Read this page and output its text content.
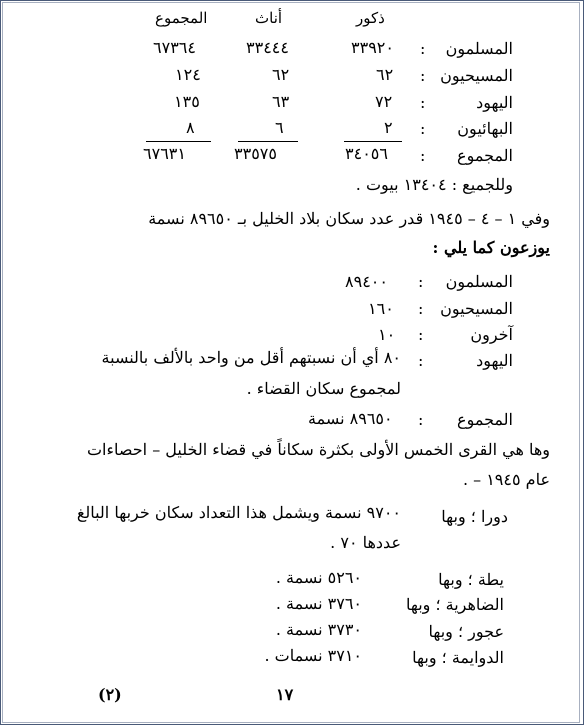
ذكور
أناث
المجموع
المسلمون
:
٣٣٩٢٠
٣٣٤٤٤
٦٧٣٦٤
المسيحيون
:
٦٢
٦٢
١٢٤
اليهود
:
٧٢
٦٣
١٣٥
البهائيون
:
٢
٦
٨
المجموع
:
٣٤٠٥٦
٣٣٥٧٥
٦٧٦٣١
وللجميع : ١٣٤٠٤ بيوت .
وفي ١ – ٤ – ١٩٤٥ قدر عدد سكان بلاد الخليل بـ ٨٩٦٥٠ نسمة
يوزعون كما يلي :
المسلمون
:
٨٩٤٠٠
المسيحيون
:
١٦٠
آخرون
:
١٠
اليهود
:
٨٠ أي أن نسبتهم أقل من واحد بالألف بالنسبة
لمجموع سكان القضاء .
المجموع
:
٨٩٦٥٠ نسمة
وها هي القرى الخمس الأولى بكثرة سكاناً في قضاء الخليل – احصاءات
عام ١٩٤٥ – .
دورا ؛ وبها
٩٧٠٠ نسمة ويشمل هذا التعداد سكان خربها البالغ
عددها ٧٠ .
يطة ؛ وبها
٥٢٦٠ نسمة .
الضاهرية ؛ وبها
٣٧٦٠ نسمة .
عجور ؛ وبها
٣٧٣٠ نسمة .
الدوايمة ؛ وبها
٣٧١٠ نسمات .
١٧
(٢)
